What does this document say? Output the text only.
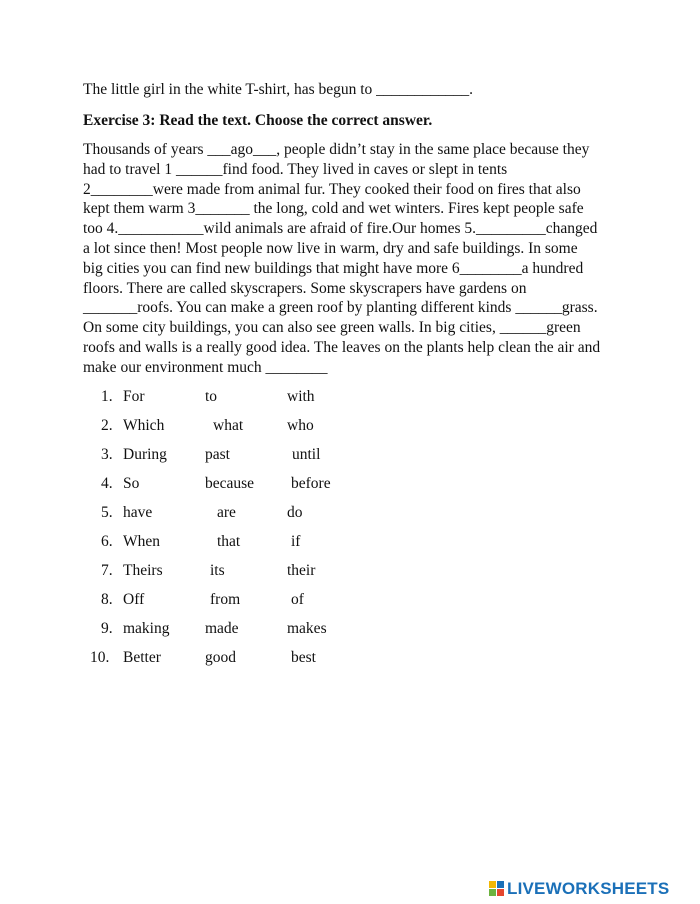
The little girl in the white T-shirt, has begun to ____________.
Exercise 3: Read the text. Choose the correct answer.
Thousands of years ___ago___, people didn’t stay in the same place because they
had to travel 1 ______find food. They lived in caves or slept in tents
2________were made from animal fur. They cooked their food on fires that also
kept them warm 3_______ the long, cold and wet winters. Fires kept people safe
too 4.___________wild animals are afraid of fire.Our homes 5._________changed
a lot since then! Most people now live in warm, dry and safe buildings. In some
big cities you can find new buildings that might have more 6________a hundred
floors. There are called skyscrapers. Some skyscrapers have gardens on
_______roofs. You can make a green roof by planting different kinds ______grass.
On some city buildings, you can also see green walls. In big cities, ______green
roofs and walls is a really good idea. The leaves on the plants help clean the air and
make our environment much ________
1. For	to	with
2. Which	what	who
3. During past	until
4. So	because before
5. have	are	do
6. When	that	if
7. Theirs	its	their
8. Off	from	of
9. making made	makes
10. Better	good	best
LIVEWORKSHEETS
